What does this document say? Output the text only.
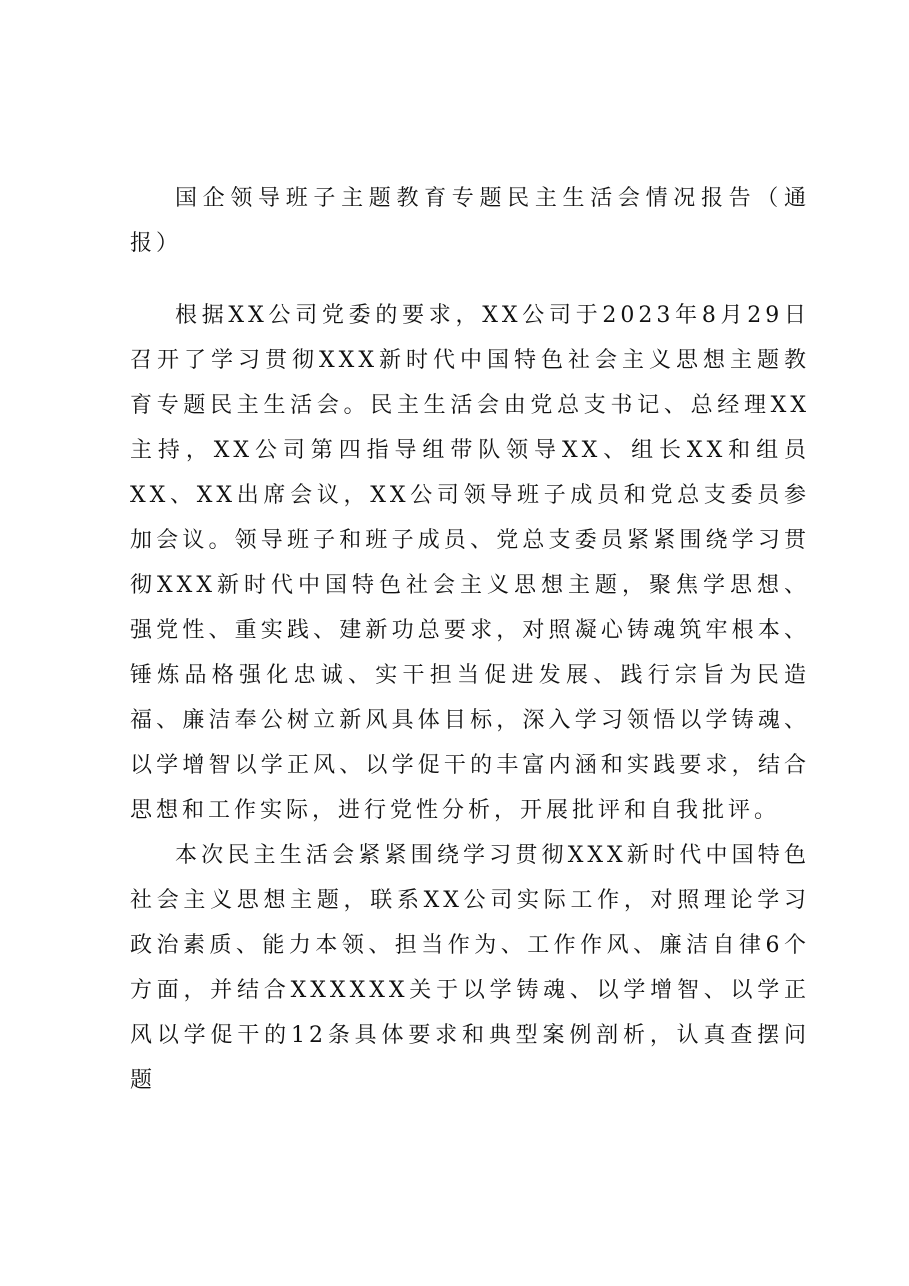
国企领导班子主题教育专题民主生活会情况报告（通报）

根据XX公司党委的要求，XX公司于2023年8月29日召开了学习贯彻XXX新时代中国特色社会主义思想主题教育专题民主生活会。民主生活会由党总支书记、总经理XX主持，XX公司第四指导组带队领导XX、组长XX和组员XX、XX出席会议，XX公司领导班子成员和党总支委员参加会议。领导班子和班子成员、党总支委员紧紧围绕学习贯彻XXX新时代中国特色社会主义思想主题，聚焦学思想、强党性、重实践、建新功总要求，对照凝心铸魂筑牢根本、锤炼品格强化忠诚、实干担当促进发展、践行宗旨为民造福、廉洁奉公树立新风具体目标，深入学习领悟以学铸魂、以学增智以学正风、以学促干的丰富内涵和实践要求，结合思想和工作实际，进行党性分析，开展批评和自我批评。

本次民主生活会紧紧围绕学习贯彻XXX新时代中国特色社会主义思想主题，联系XX公司实际工作，对照理论学习政治素质、能力本领、担当作为、工作作风、廉洁自律6个方面，并结合XXXXXX关于以学铸魂、以学增智、以学正风以学促干的12条具体要求和典型案例剖析，认真查摆问题
